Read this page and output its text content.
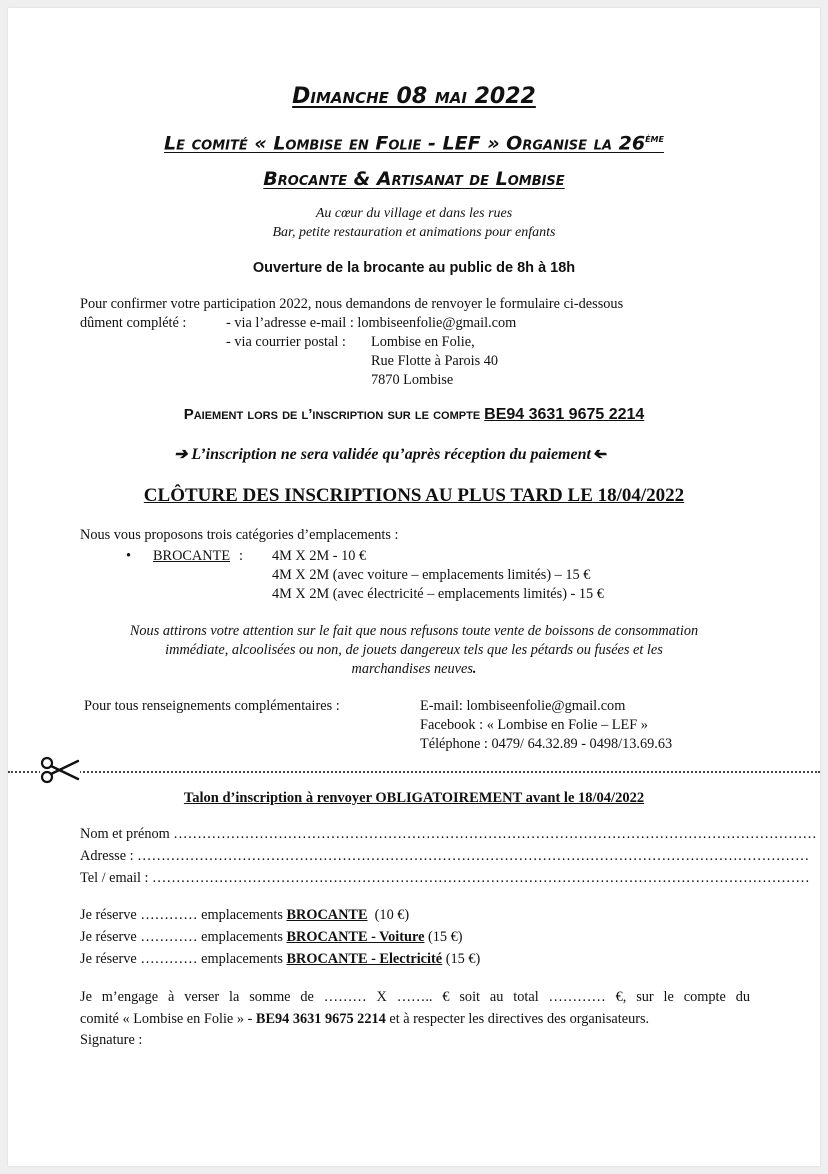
Dimanche 08 mai 2022
Le comité « Lombise en Folie - LEF » Organise la 26ème
Brocante & Artisanat de Lombise
Au cœur du village et dans les rues
Bar, petite restauration et animations pour enfants
Ouverture de la brocante au public de 8h à 18h
Pour confirmer votre participation 2022, nous demandons de renvoyer le formulaire ci-dessous
dûment complété :	- via l’adresse e-mail : lombiseenfolie@gmail.com
- via courrier postal : Lombise en Folie,
Rue Flotte à Parois 40
7870 Lombise
Paiement lors de l’inscription sur le compte BE94 3631 9675 2214
➔ L’inscription ne sera validée qu’après réception du paiement ➔
CLÔTURE DES INSCRIPTIONS AU PLUS TARD LE 18/04/2022
Nous vous proposons trois catégories d’emplacements :
• BROCANTE : 4M X 2M - 10 €
4M X 2M (avec voiture – emplacements limités) – 15 €
4M X 2M (avec électricité – emplacements limités) - 15 €
Nous attirons votre attention sur le fait que nous refusons toute vente de boissons de consommation
immédiate, alcoolisées ou non, de jouets dangereux tels que les pétards ou fusées et les
marchandises neuves.
Pour tous renseignements complémentaires :	E-mail: lombiseenfolie@gmail.com
Facebook : « Lombise en Folie – LEF »
Téléphone : 0479/ 64.32.89 - 0498/13.69.63
Talon d’inscription à renvoyer OBLIGATOIREMENT avant le 18/04/2022
Nom et prénom ………………………………………………………………………………………………………………………
Adresse : ……………………………………………………………………………………………………………………………
Tel / email : …………………………………………………………………………………………………………………………
Je réserve ………… emplacements BROCANTE (10 €)
Je réserve ………… emplacements BROCANTE - Voiture (15 €)
Je réserve ………… emplacements BROCANTE - Electricité (15 €)
Je m’engage à verser la somme de ……… X …….. € soit au total ………… €, sur le compte du
comité « Lombise en Folie » - BE94 3631 9675 2214 et à respecter les directives des organisateurs.
Signature :
